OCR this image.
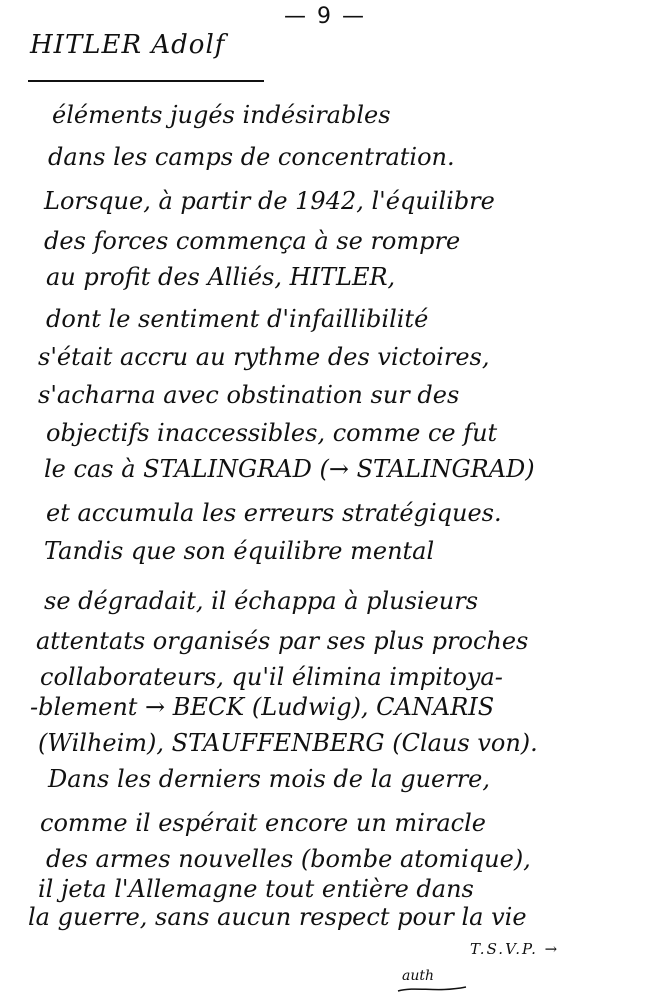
— 9 —
HITLER Adolf
éléments jugés indésirables
dans les camps de concentration.
Lorsque, à partir de 1942, l'équilibre
des forces commença à se rompre
au profit des Alliés, HITLER,
dont le sentiment d'infaillibilité
s'était accru au rythme des victoires,
s'acharna avec obstination sur des
objectifs inaccessibles, comme ce fut
le cas à STALINGRAD (→ STALINGRAD)
et accumula les erreurs stratégiques.
Tandis que son équilibre mental
se dégradait, il échappa à plusieurs
attentats organisés par ses plus proches
collaborateurs, qu'il élimina impitoya-
-blement → BECK (Ludwig), CANARIS
(Wilheim), STAUFFENBERG (Claus von).
Dans les derniers mois de la guerre,
comme il espérait encore un miracle
des armes nouvelles (bombe atomique),
il jeta l'Allemagne tout entière dans
la guerre, sans aucun respect pour la vie
T.S.V.P. →
auth
